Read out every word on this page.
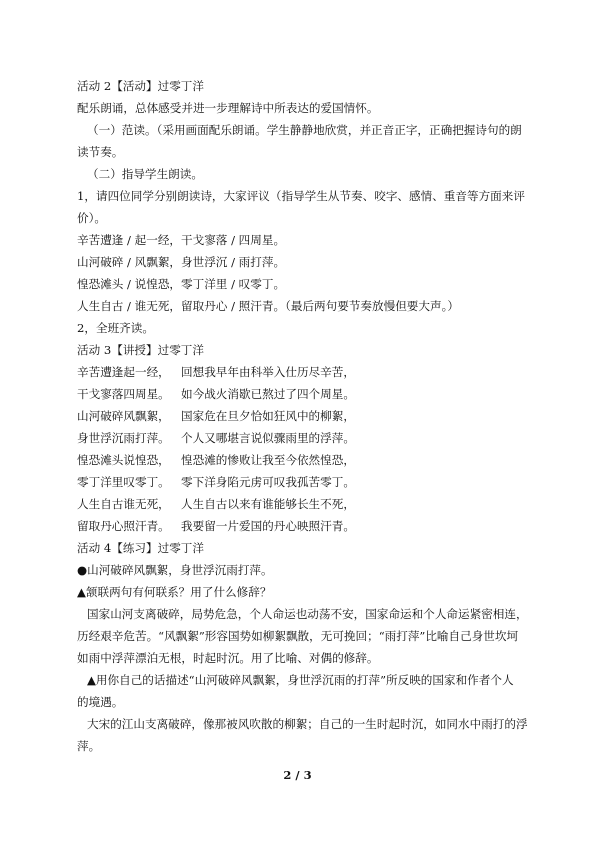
活动 2【活动】过零丁洋
配乐朗诵，总体感受并进一步理解诗中所表达的爱国情怀。
（一）范读。（采用画面配乐朗诵。学生静静地欣赏，并正音正字，正确把握诗句的朗
读节奏。
（二）指导学生朗读。
1，请四位同学分别朗读诗，大家评议（指导学生从节奏、咬字、感情、重音等方面来评
价）。
辛苦遭逢 / 起一经，干戈寥落 / 四周星。
山河破碎 / 风飘絮，身世浮沉 / 雨打萍。
惶恐滩头 / 说惶恐，零丁洋里 / 叹零丁。
人生自古 / 谁无死，留取丹心 / 照汗青。（最后两句要节奏放慢但要大声。）
2，全班齐读。
活动 3【讲授】过零丁洋
辛苦遭逢起一经， 回想我早年由科举入仕历尽辛苦，
干戈寥落四周星。 如今战火消歇已熬过了四个周星。
山河破碎风飘絮， 国家危在旦夕恰如狂风中的柳絮，
身世浮沉雨打萍。 个人又哪堪言说似骤雨里的浮萍。
惶恐滩头说惶恐， 惶恐滩的惨败让我至今依然惶恐，
零丁洋里叹零丁。 零下洋身陷元虏可叹我孤苦零丁。
人生自古谁无死， 人生自古以来有谁能够长生不死，
留取丹心照汗青。 我要留一片爱国的丹心映照汗青。
活动 4【练习】过零丁洋
●山河破碎风飘絮，身世浮沉雨打萍。
▲颔联两句有何联系？用了什么修辞？
国家山河支离破碎，局势危急，个人命运也动荡不安，国家命运和个人命运紧密相连，
历经艰辛危苦。“风飘絮”形容国势如柳絮飘散，无可挽回；“雨打萍”比喻自己身世坎坷
如雨中浮萍漂泊无根，时起时沉。用了比喻、对偶的修辞。
▲用你自己的话描述“山河破碎风飘絮，身世浮沉雨的打萍”所反映的国家和作者个人
的境遇。
大宋的江山支离破碎，像那被风吹散的柳絮；自己的一生时起时沉，如同水中雨打的浮
萍。
2 / 3
